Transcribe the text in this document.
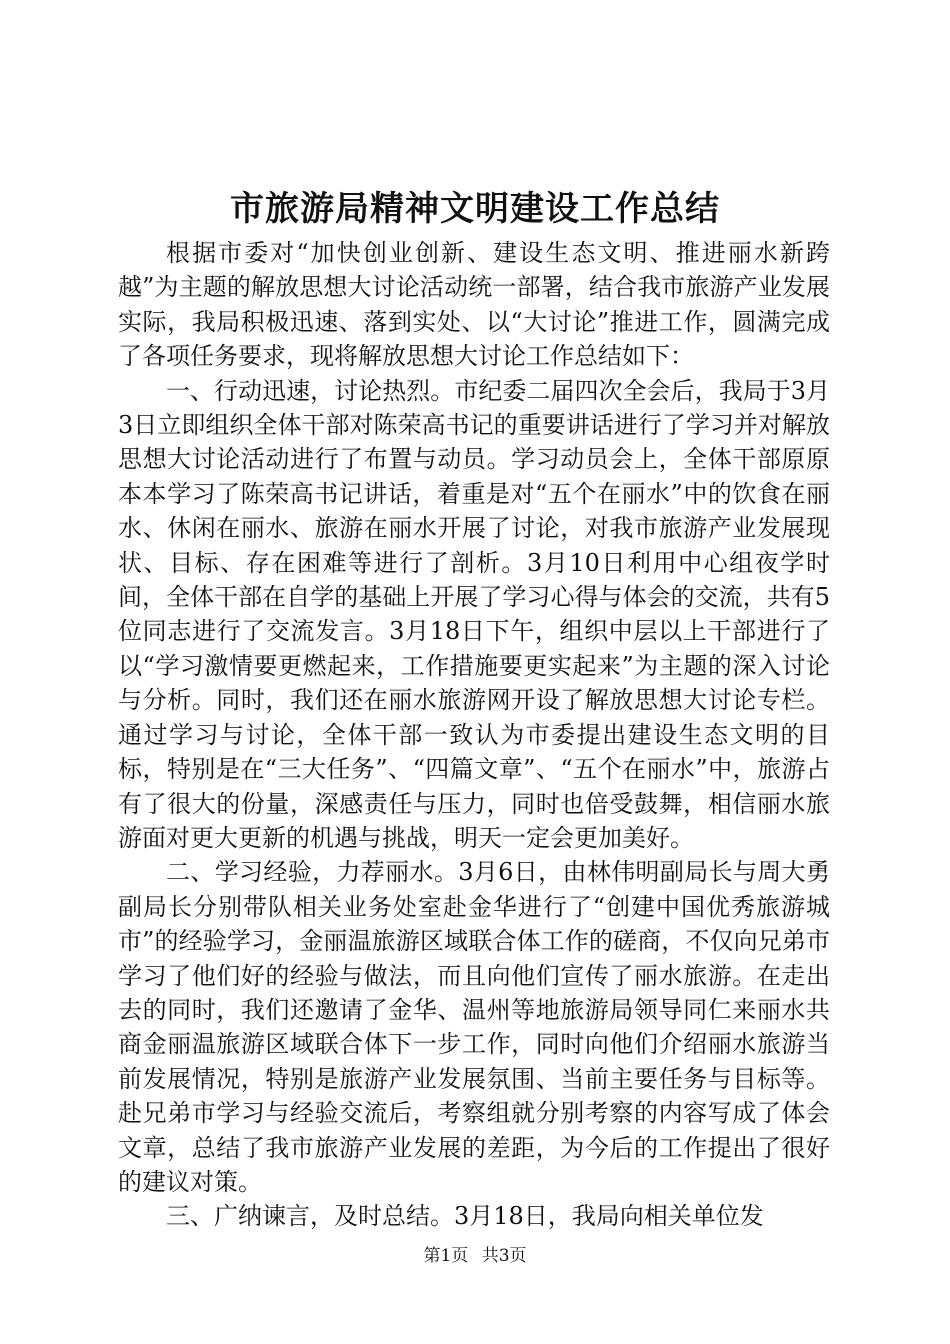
市旅游局精神文明建设工作总结

根据市委对“加快创业创新、建设生态文明、推进丽水新跨越”为主题的解放思想大讨论活动统一部署，结合我市旅游产业发展实际，我局积极迅速、落到实处、以“大讨论”推进工作，圆满完成了各项任务要求，现将解放思想大讨论工作总结如下：

一、行动迅速，讨论热烈。市纪委二届四次全会后，我局于3月3日立即组织全体干部对陈荣高书记的重要讲话进行了学习并对解放思想大讨论活动进行了布置与动员。学习动员会上，全体干部原原本本学习了陈荣高书记讲话，着重是对“五个在丽水”中的饮食在丽水、休闲在丽水、旅游在丽水开展了讨论，对我市旅游产业发展现状、目标、存在困难等进行了剖析。3月10日利用中心组夜学时间，全体干部在自学的基础上开展了学习心得与体会的交流，共有5位同志进行了交流发言。3月18日下午，组织中层以上干部进行了以“学习激情要更燃起来，工作措施要更实起来”为主题的深入讨论与分析。同时，我们还在丽水旅游网开设了解放思想大讨论专栏。通过学习与讨论，全体干部一致认为市委提出建设生态文明的目标，特别是在“三大任务”、“四篇文章”、“五个在丽水”中，旅游占有了很大的份量，深感责任与压力，同时也倍受鼓舞，相信丽水旅游面对更大更新的机遇与挑战，明天一定会更加美好。

二、学习经验，力荐丽水。3月6日，由林伟明副局长与周大勇副局长分别带队相关业务处室赴金华进行了“创建中国优秀旅游城市”的经验学习，金丽温旅游区域联合体工作的磋商，不仅向兄弟市学习了他们好的经验与做法，而且向他们宣传了丽水旅游。在走出去的同时，我们还邀请了金华、温州等地旅游局领导同仁来丽水共商金丽温旅游区域联合体下一步工作，同时向他们介绍丽水旅游当前发展情况，特别是旅游产业发展氛围、当前主要任务与目标等。赴兄弟市学习与经验交流后，考察组就分别考察的内容写成了体会文章，总结了我市旅游产业发展的差距，为今后的工作提出了很好的建议对策。

三、广纳谏言，及时总结。3月18日，我局向相关单位发

第1页 共3页
